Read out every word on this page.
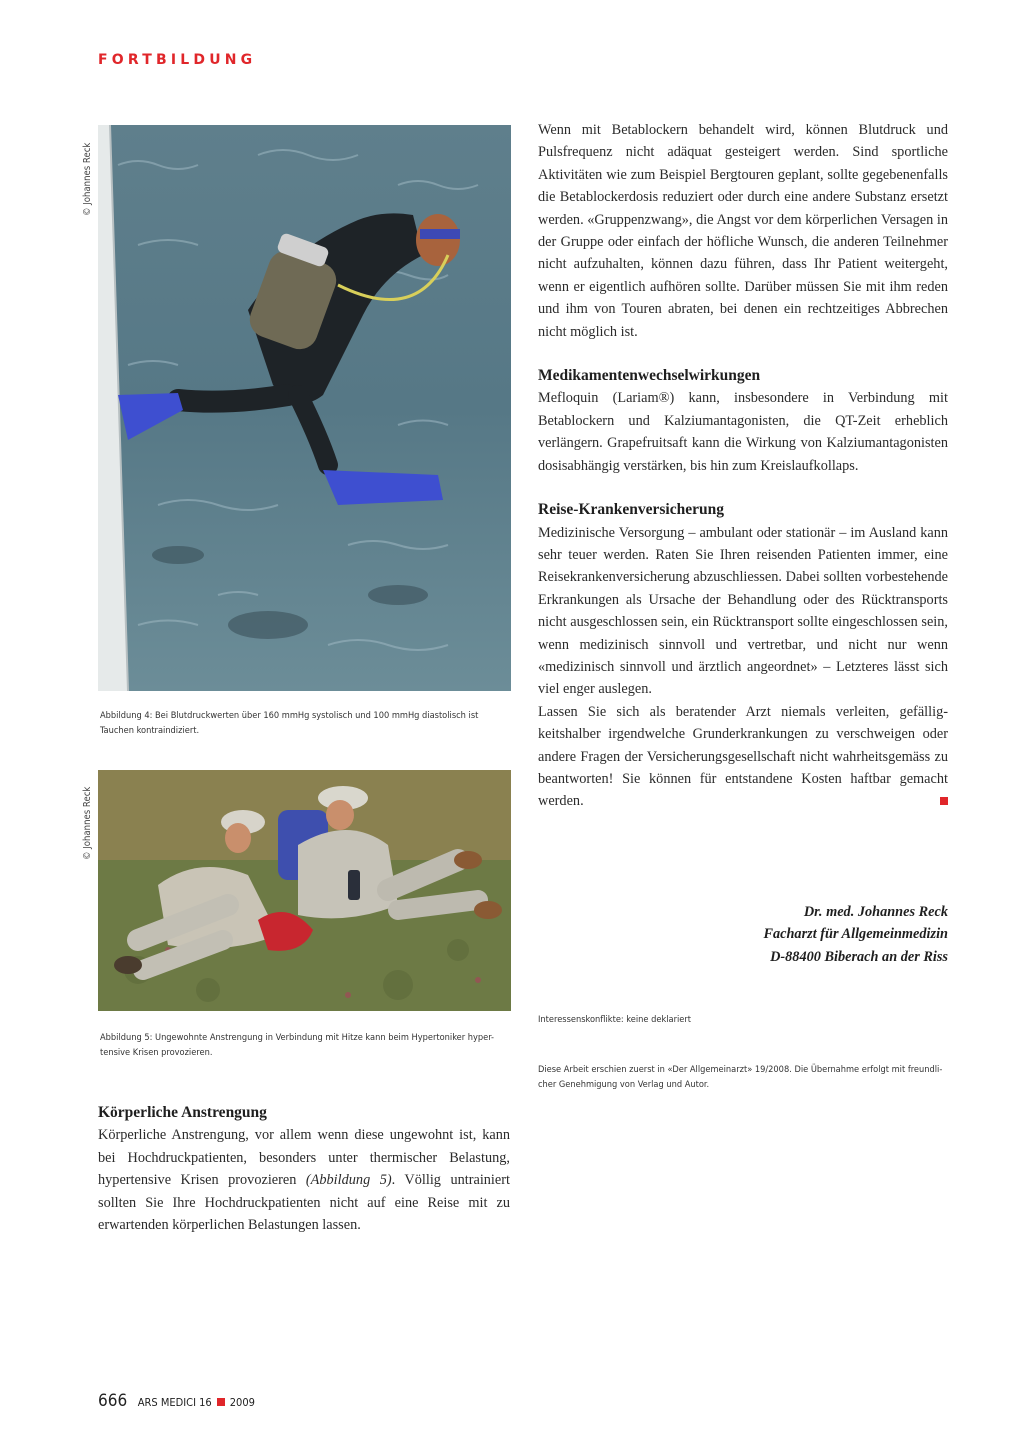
FORTBILDUNG
© Johannes Reck
Abbildung 4: Bei Blutdruckwerten über 160 mmHg systolisch und 100 mmHg diastolisch ist Tauchen kontraindiziert.
© Johannes Reck
Abbildung 5: Ungewohnte Anstrengung in Verbindung mit Hitze kann beim Hypertoniker hyper-tensive Krisen provozieren.
Körperliche Anstrengung

Körperliche Anstrengung, vor allem wenn diese ungewohnt ist, kann bei Hochdruckpatienten, besonders unter thermischer Belastung, hypertensive Krisen provozieren (Abbildung 5). Völlig untrainiert sollten Sie Ihre Hochdruckpatienten nicht auf eine Reise mit zu erwartenden körperlichen Belastungen lassen.

Wenn mit Betablockern behandelt wird, können Blutdruck und Pulsfrequenz nicht adäquat gesteigert werden. Sind sportliche Aktivitäten wie zum Beispiel Bergtouren geplant, sollte gegebenenfalls die Betablockerdosis reduziert oder durch eine andere Substanz ersetzt werden. «Gruppenzwang», die Angst vor dem körperlichen Versagen in der Gruppe oder einfach der höfliche Wunsch, die anderen Teilnehmer nicht aufzuhalten, können dazu führen, dass Ihr Patient weitergeht, wenn er eigentlich aufhören sollte. Darüber müssen Sie mit ihm reden und ihm von Touren abraten, bei denen ein rechtzeitiges Abbrechen nicht möglich ist.

Medikamentenwechselwirkungen

Mefloquin (Lariam®) kann, insbesondere in Verbindung mit Betablockern und Kalziumantagonisten, die QT-Zeit erheblich verlängern. Grapefruitsaft kann die Wirkung von Kalziumantagonisten dosisabhängig verstärken, bis hin zum Kreislaufkollaps.

Reise-Krankenversicherung

Medizinische Versorgung – ambulant oder stationär – im Ausland kann sehr teuer werden. Raten Sie Ihren reisenden Patienten immer, eine Reisekrankenversicherung abzuschliessen. Dabei sollten vorbestehende Erkrankungen als Ursache der Behandlung oder des Rücktransports nicht ausgeschlossen sein, ein Rücktransport sollte eingeschlossen sein, wenn medizinisch sinnvoll und vertretbar, und nicht nur wenn «medizinisch sinnvoll und ärztlich angeordnet» – Letzteres lässt sich viel enger auslegen.

Lassen Sie sich als beratender Arzt niemals verleiten, gefälligkeitshalber irgendwelche Grunderkrankungen zu verschweigen oder andere Fragen der Versicherungsgesellschaft nicht wahrheitsgemäss zu beantworten! Sie können für entstandene Kosten haftbar gemacht werden.

Dr. med. Johannes Reck
Facharzt für Allgemeinmedizin
D-88400 Biberach an der Riss
Interessenskonflikte: keine deklariert
Diese Arbeit erschien zuerst in «Der Allgemeinarzt» 19/2008. Die Übernahme erfolgt mit freundlicher Genehmigung von Verlag und Autor.
666 ARS MEDICI 16 2009
